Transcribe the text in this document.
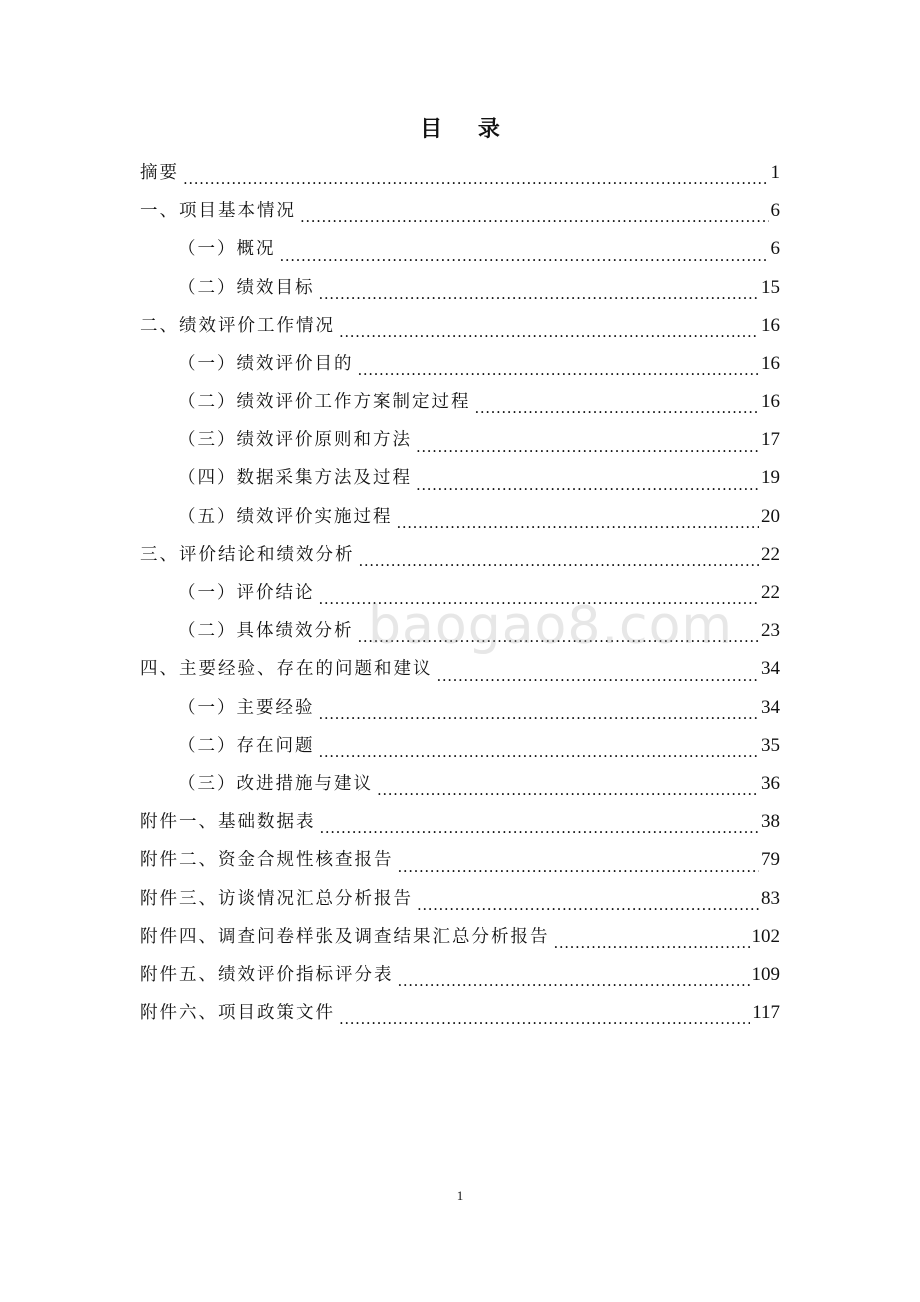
目 录
摘要 .....	1
一、项目基本情况 .....	6
（一）概况 .....	6
（二）绩效目标 .....	15
二、绩效评价工作情况 .....	16
（一）绩效评价目的 .....	16
（二）绩效评价工作方案制定过程 .....	16
（三）绩效评价原则和方法 .....	17
（四）数据采集方法及过程 .....	19
（五）绩效评价实施过程 .....	20
三、评价结论和绩效分析 .....	22
（一）评价结论 .....	22
（二）具体绩效分析 .....	23
四、主要经验、存在的问题和建议 .....	34
（一）主要经验 .....	34
（二）存在问题 .....	35
（三）改进措施与建议 .....	36
附件一、基础数据表 .....	38
附件二、资金合规性核查报告 .....	79
附件三、访谈情况汇总分析报告 .....	83
附件四、调查问卷样张及调查结果汇总分析报告 .....	102
附件五、绩效评价指标评分表 .....	109
附件六、项目政策文件 .....	117
baogao8.com
1
